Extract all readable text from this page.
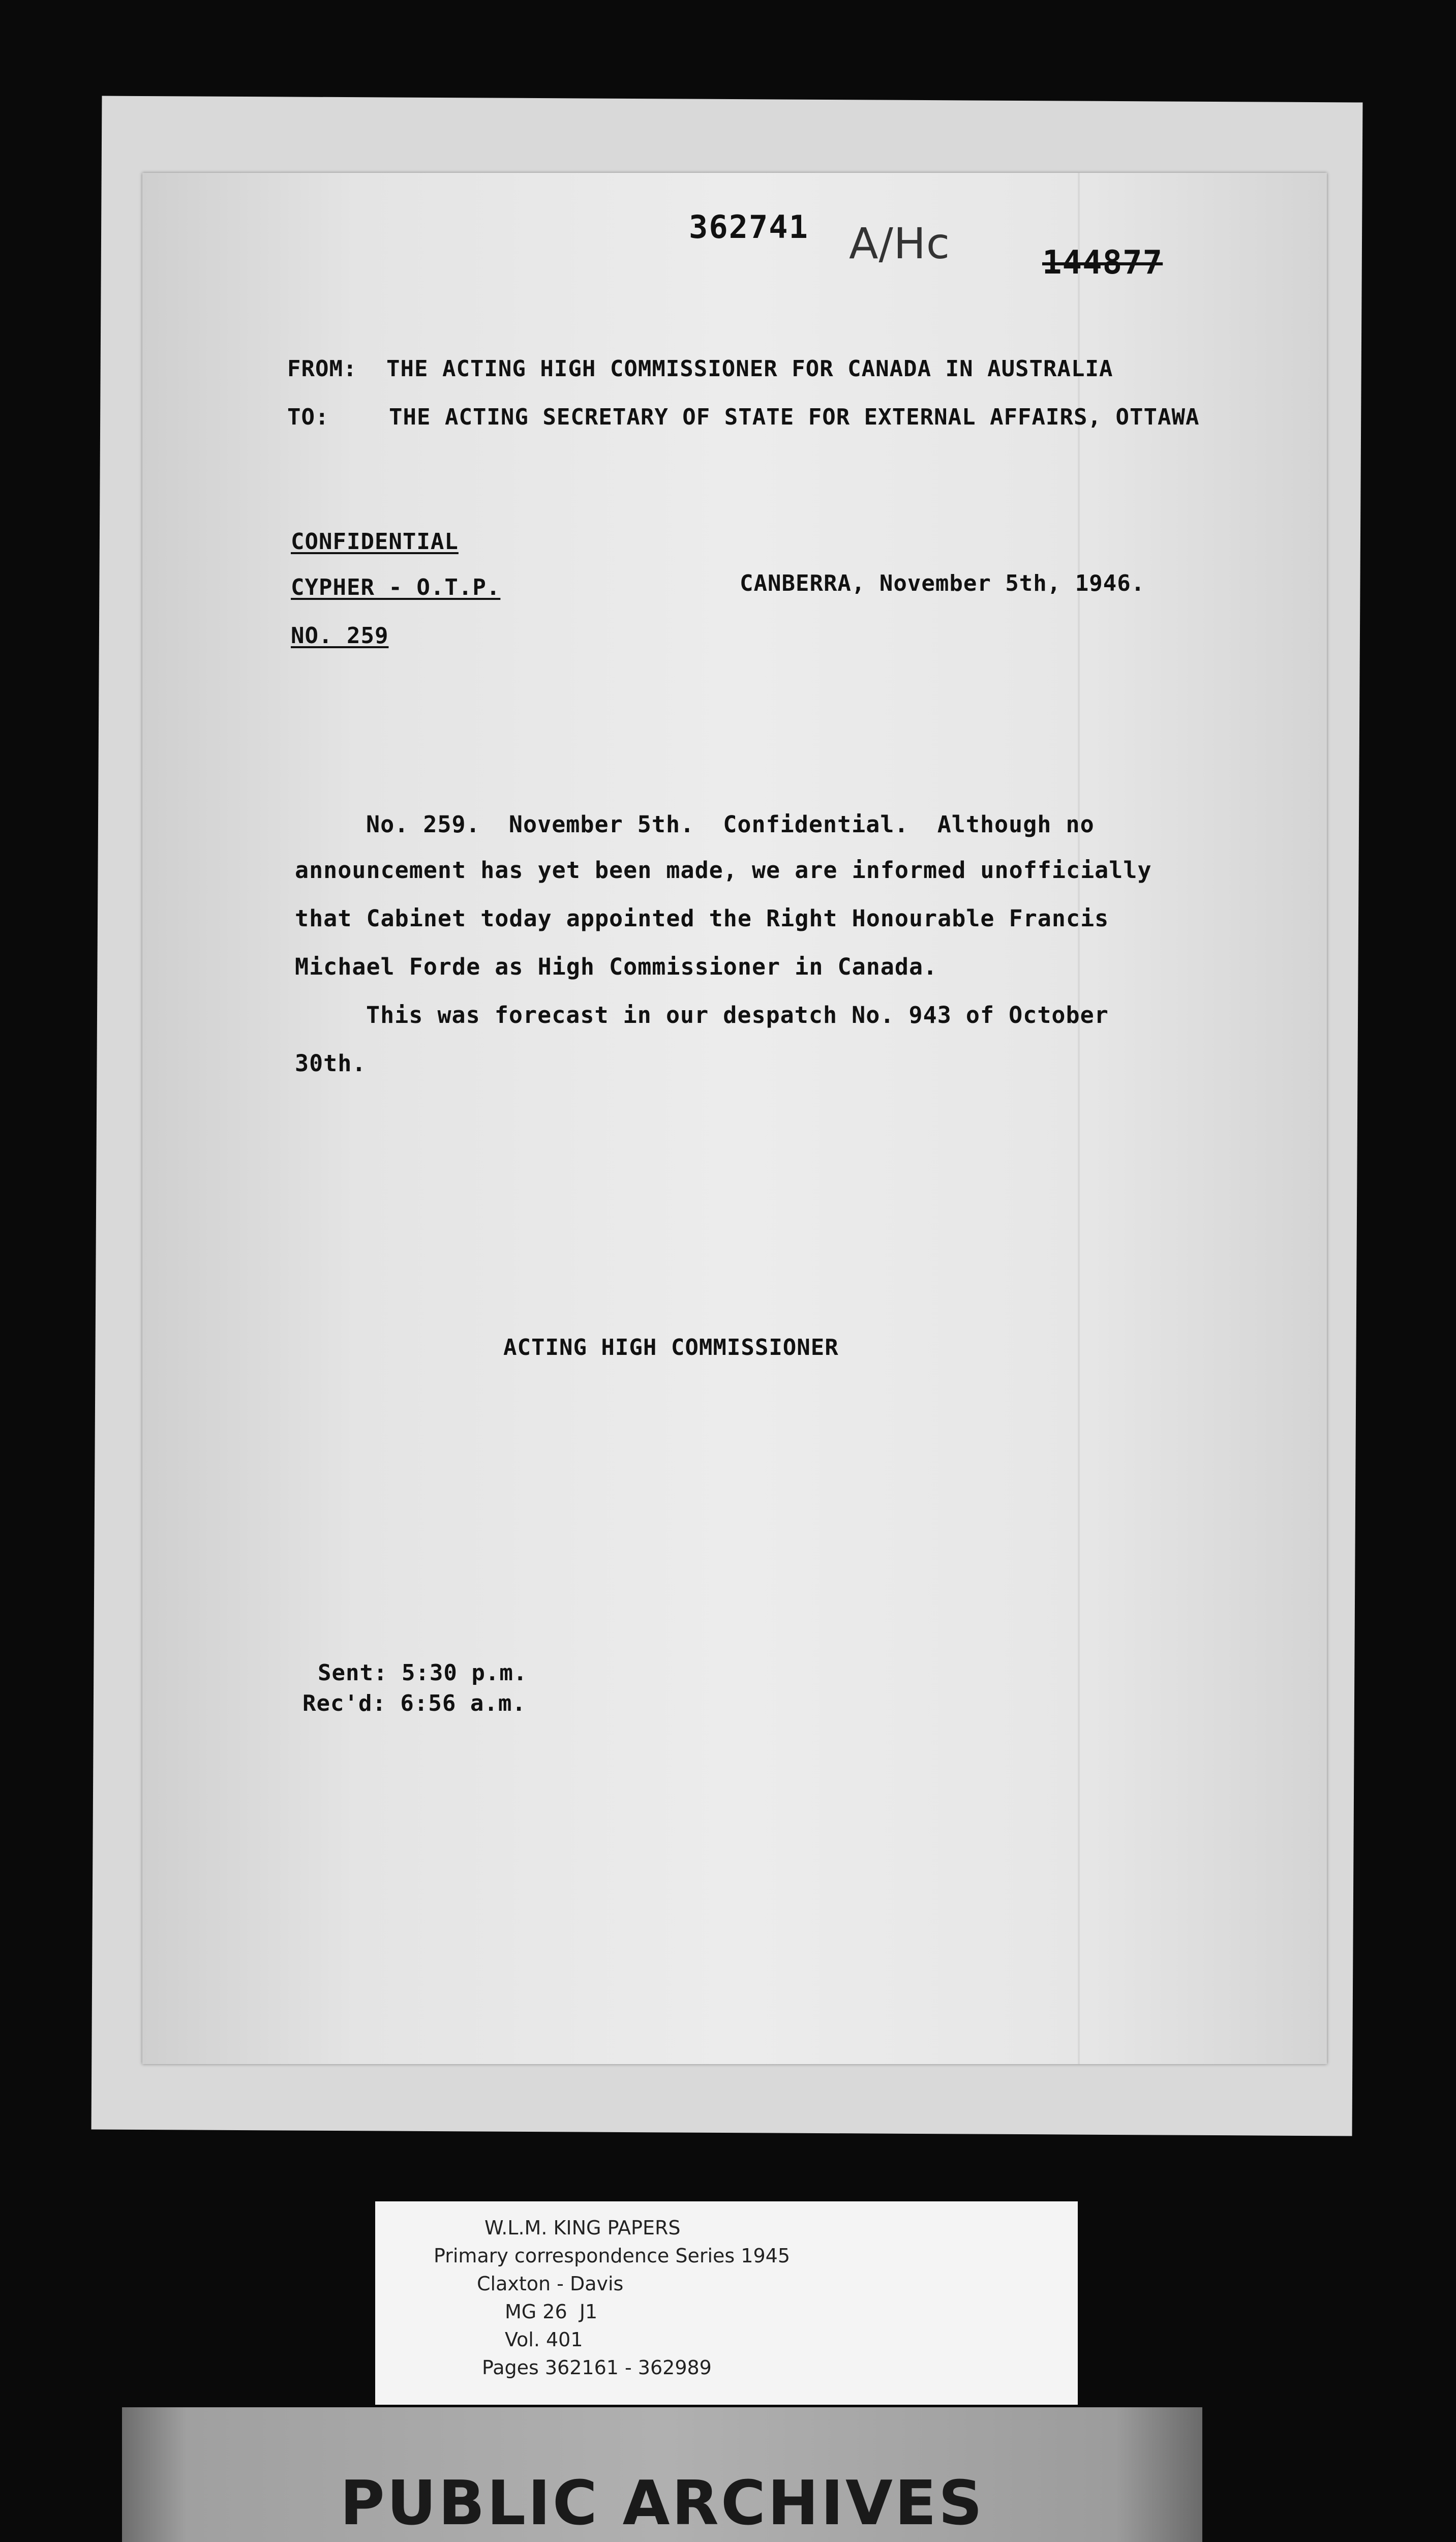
362741 A/Hc	144877
FROM: THE ACTING HIGH COMMISSIONER FOR CANADA IN AUSTRALIA
TO:	THE ACTING SECRETARY OF STATE FOR EXTERNAL AFFAIRS, OTTAWA
CONFIDENTIAL
CYPHER - O.T.P.	CANBERRA, November 5th, 1946.
NO. 259
No. 259.  November 5th.  Confidential.  Although no
announcement has yet been made, we are informed unofficially
that Cabinet today appointed the Right Honourable Francis
Michael Forde as High Commissioner in Canada.
This was forecast in our despatch No. 943 of October
30th.
ACTING HIGH COMMISSIONER
Sent: 5:30 p.m.
Rec'd: 6:56 a.m.
W.L.M. KING PAPERS
Primary correspondence Series 1945
Claxton - Davis
MG 26  J1
Vol. 401
Pages 362161 - 362989
PUBLIC ARCHIVES
